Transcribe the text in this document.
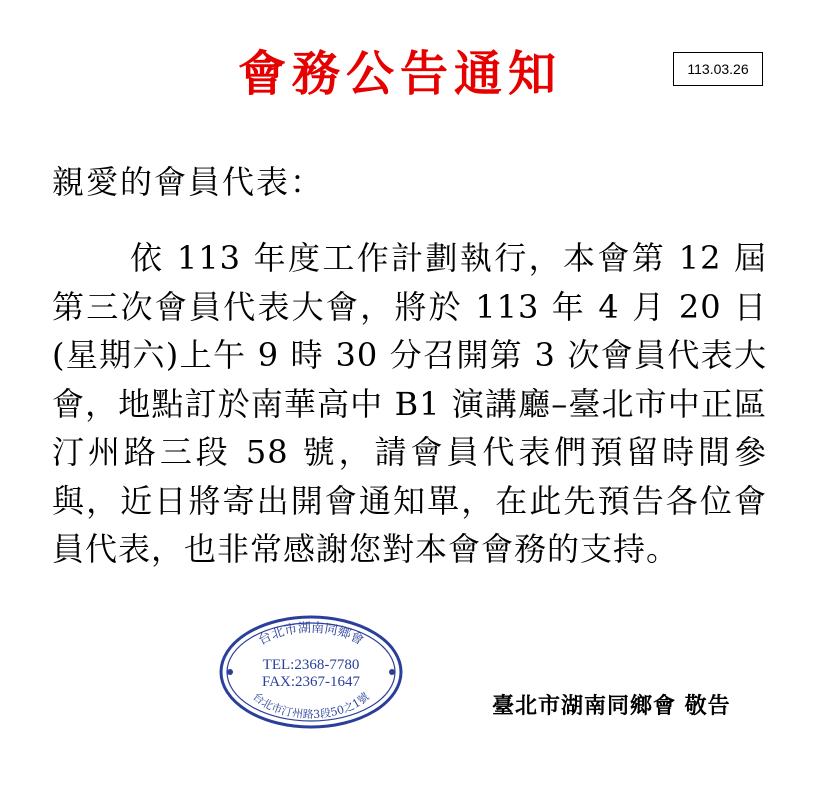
會務公告通知	113.03.26

親愛的會員代表：

依 113 年度工作計劃執行，本會第 12 屆第三次會員代表大會，將於 113 年 4 月 20 日(星期六)上午 9 時 30 分召開第 3 次會員代表大會，地點訂於南華高中 B1 演講廳–臺北市中正區汀州路三段 58 號，請會員代表們預留時間參與，近日將寄出開會通知單，在此先預告各位會員代表，也非常感謝您對本會會務的支持。

台北市湖南同鄉會
台北市汀州路3段50之1號
TEL:2368-7780
FAX:2367-1647

臺北市湖南同鄉會 敬告
